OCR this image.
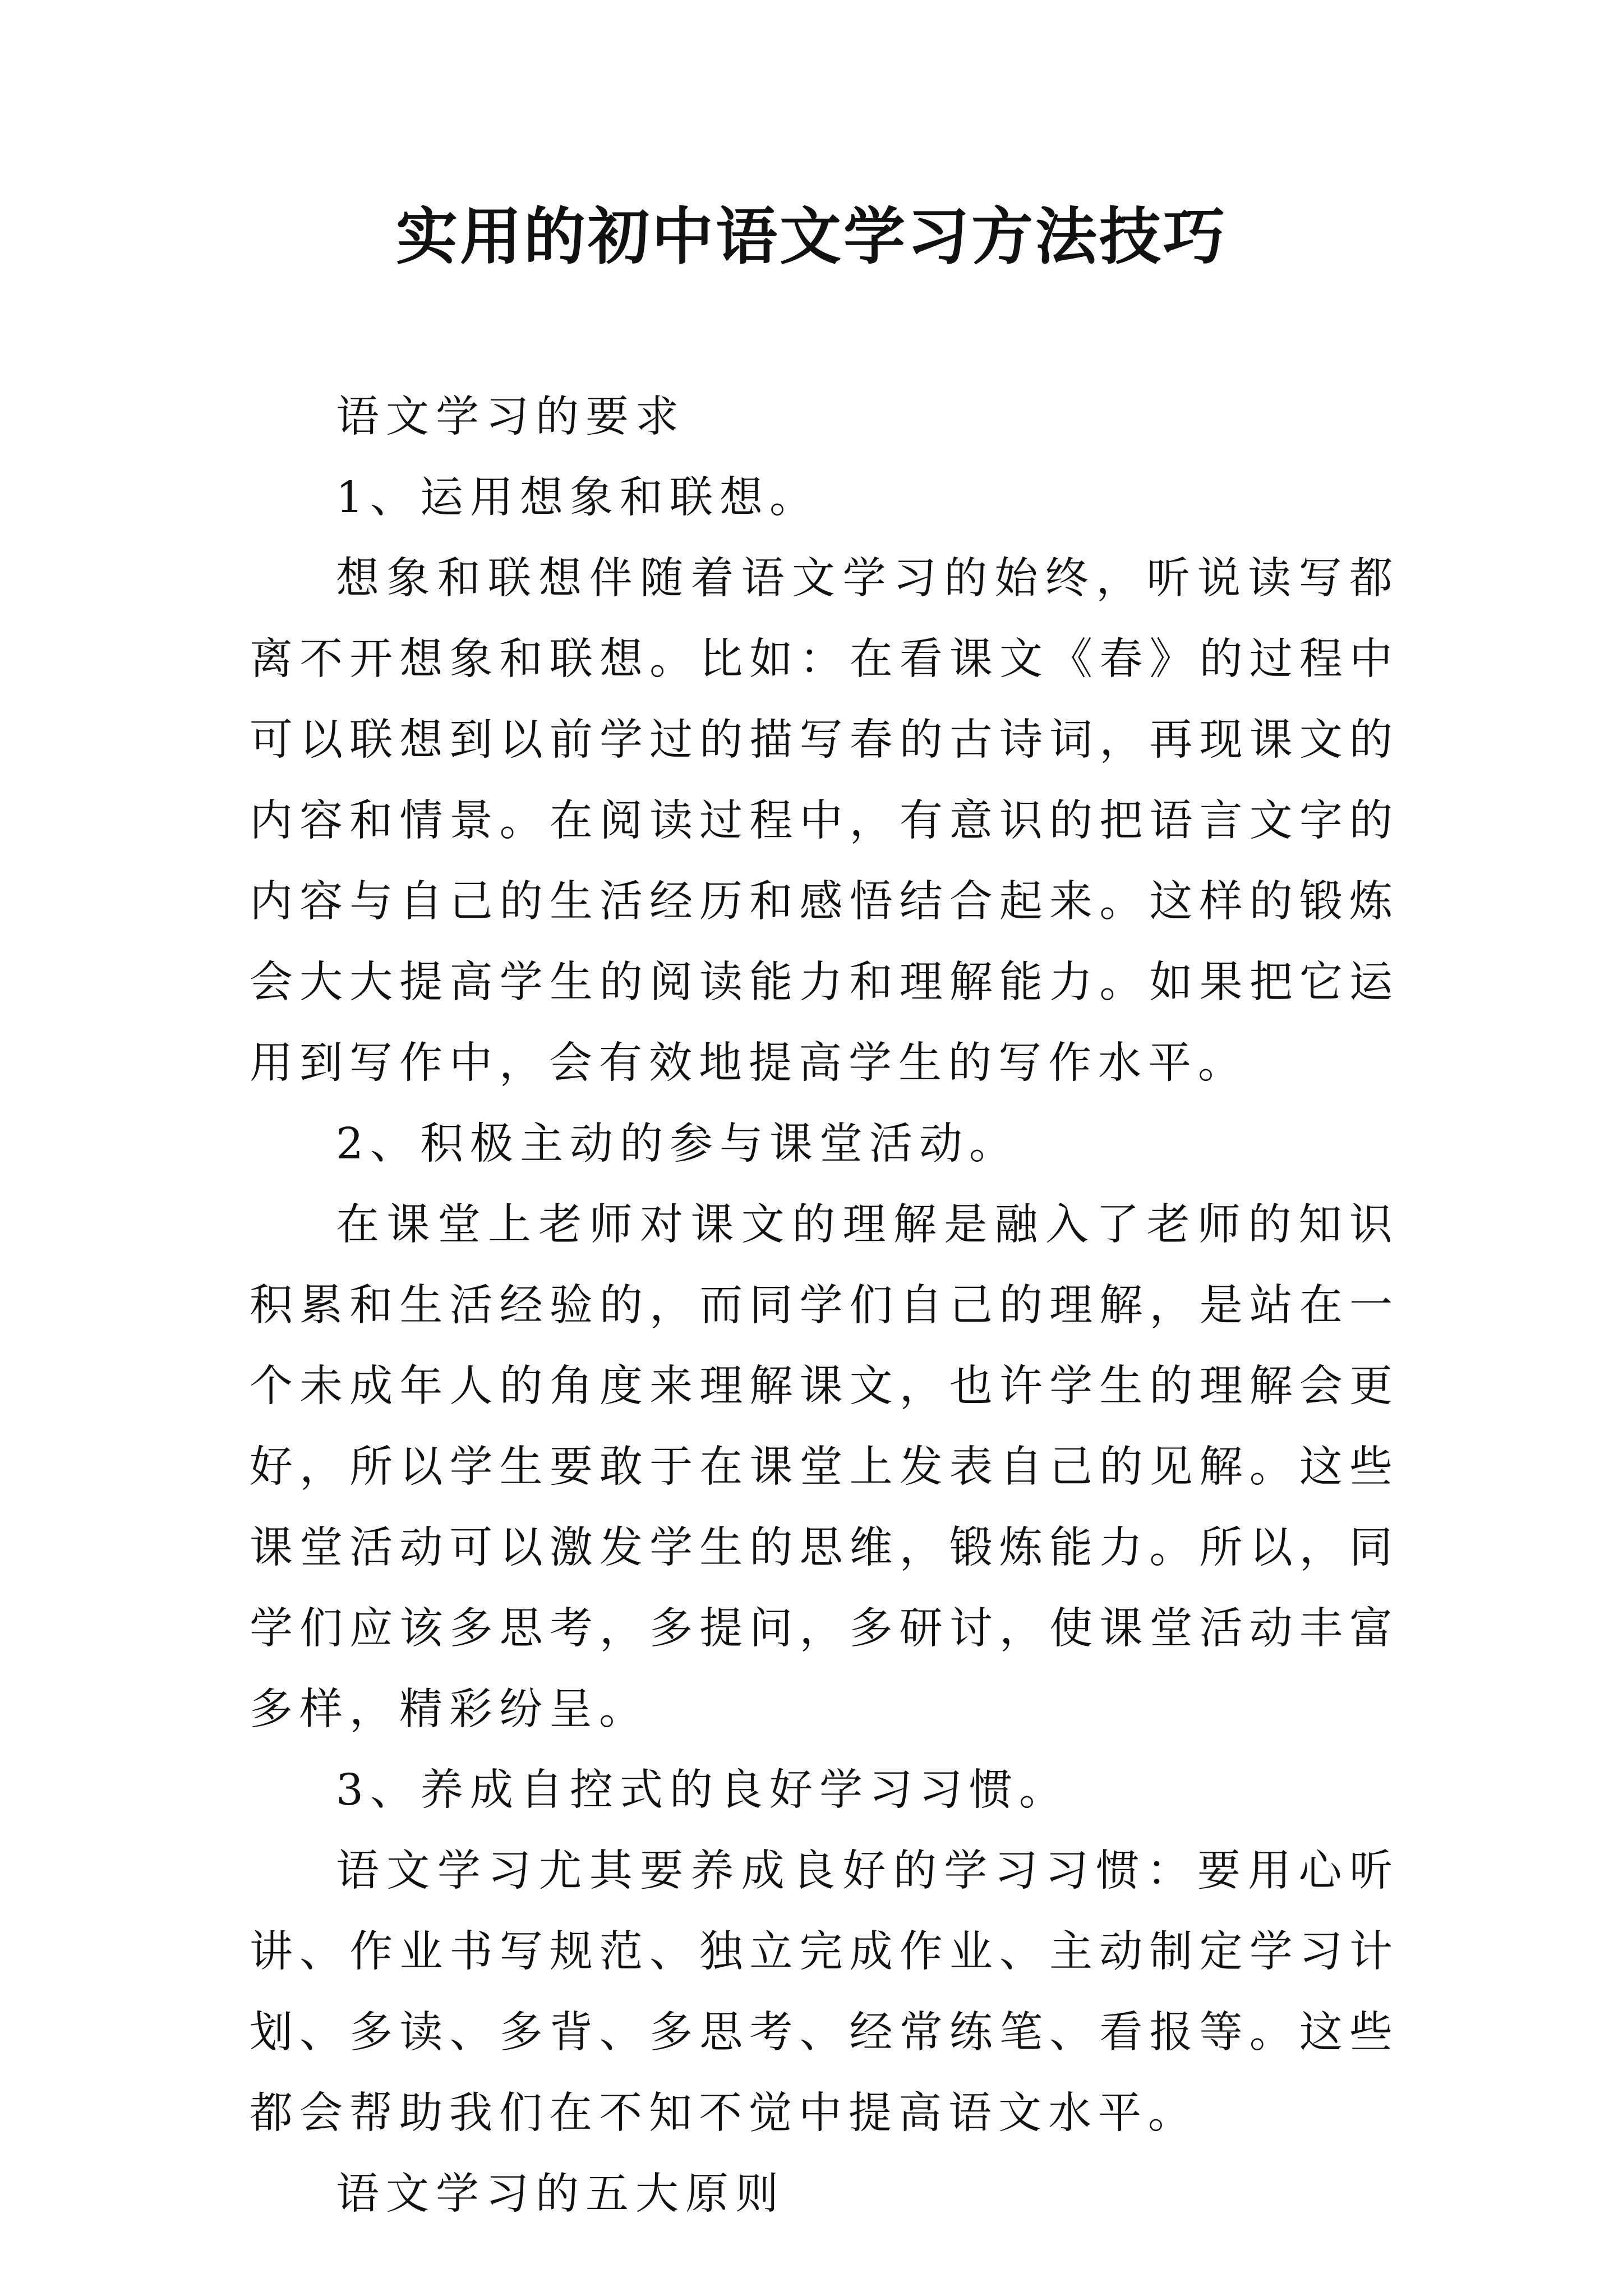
实用的初中语文学习方法技巧

语文学习的要求

1、运用想象和联想。

想象和联想伴随着语文学习的始终，听说读写都离不开想象和联想。比如：在看课文《春》的过程中可以联想到以前学过的描写春的古诗词，再现课文的内容和情景。在阅读过程中，有意识的把语言文字的内容与自己的生活经历和感悟结合起来。这样的锻炼会大大提高学生的阅读能力和理解能力。如果把它运用到写作中，会有效地提高学生的写作水平。

2、积极主动的参与课堂活动。

在课堂上老师对课文的理解是融入了老师的知识积累和生活经验的，而同学们自己的理解，是站在一个未成年人的角度来理解课文，也许学生的理解会更好，所以学生要敢于在课堂上发表自己的见解。这些课堂活动可以激发学生的思维，锻炼能力。所以，同学们应该多思考，多提问，多研讨，使课堂活动丰富多样，精彩纷呈。

3、养成自控式的良好学习习惯。

语文学习尤其要养成良好的学习习惯：要用心听讲、作业书写规范、独立完成作业、主动制定学习计划、多读、多背、多思考、经常练笔、看报等。这些都会帮助我们在不知不觉中提高语文水平。

语文学习的五大原则
